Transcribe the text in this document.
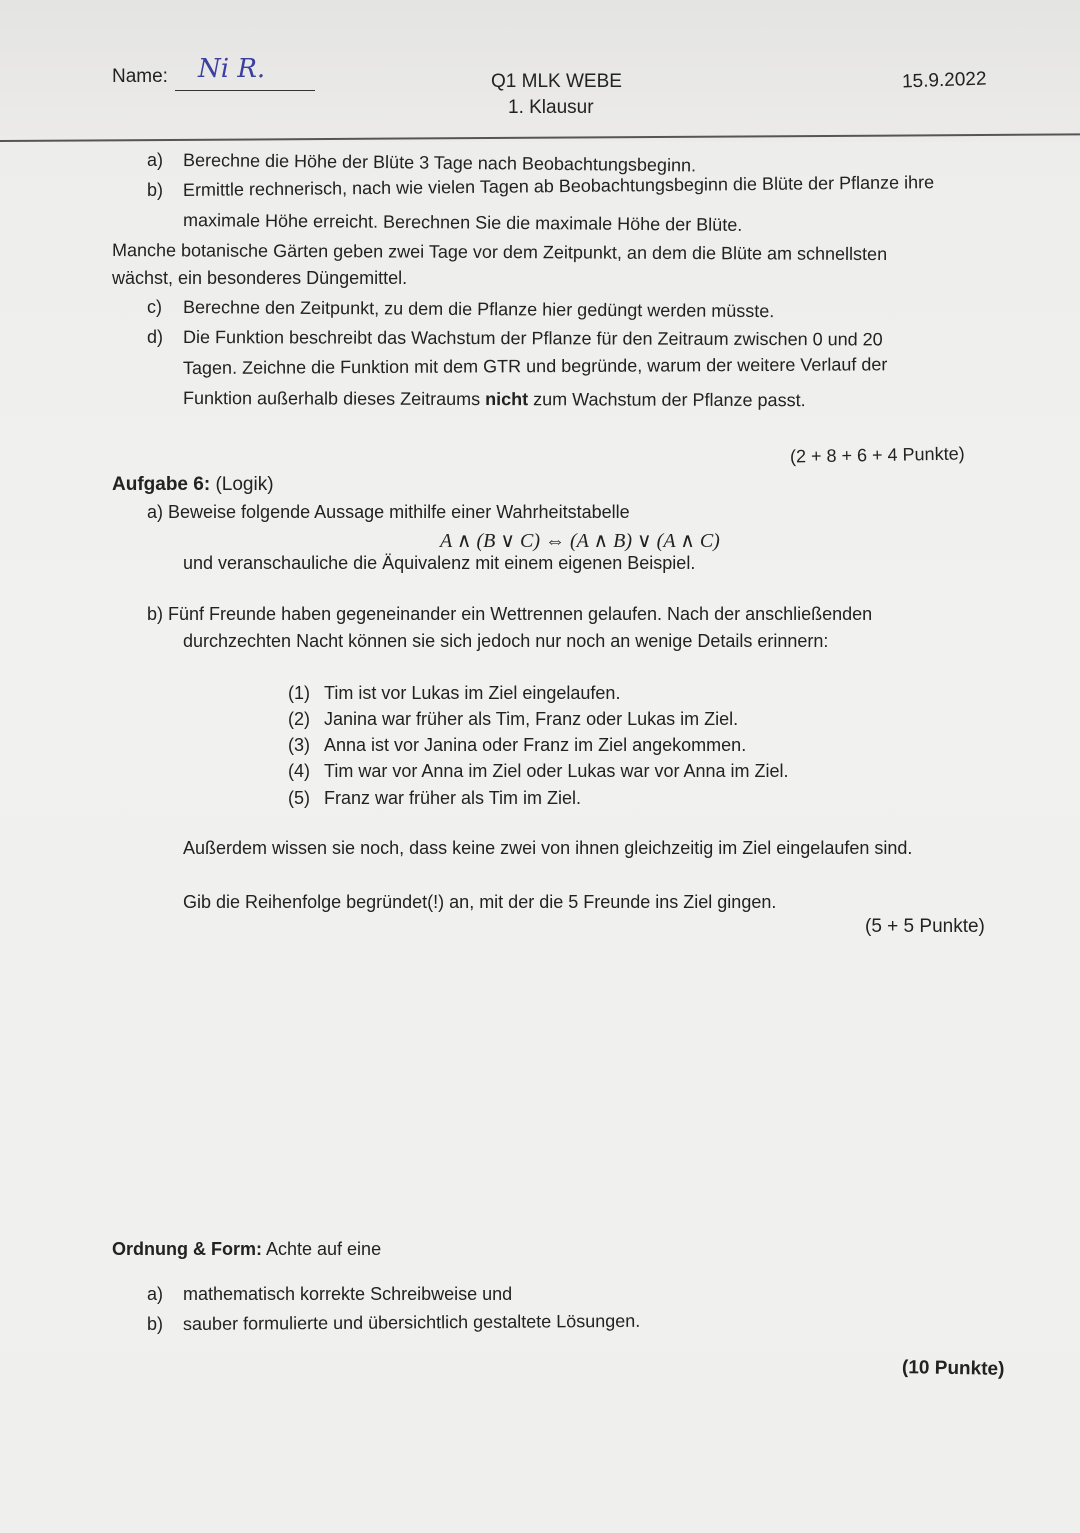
Name: Ni R.	Q1 MLK WEBE
1. Klausur
15.9.2022
a) Berechne die Höhe der Blüte 3 Tage nach Beobachtungsbeginn.
b) Ermittle rechnerisch, nach wie vielen Tagen ab Beobachtungsbeginn die Blüte der Pflanze ihre
maximale Höhe erreicht. Berechnen Sie die maximale Höhe der Blüte.
Manche botanische Gärten geben zwei Tage vor dem Zeitpunkt, an dem die Blüte am schnellsten
wächst, ein besonderes Düngemittel.
c) Berechne den Zeitpunkt, zu dem die Pflanze hier gedüngt werden müsste.
d) Die Funktion beschreibt das Wachstum der Pflanze für den Zeitraum zwischen 0 und 20
Tagen. Zeichne die Funktion mit dem GTR und begründe, warum der weitere Verlauf der
Funktion außerhalb dieses Zeitraums nicht zum Wachstum der Pflanze passt.
(2 + 8 + 6 + 4 Punkte)
Aufgabe 6: (Logik)
a) Beweise folgende Aussage mithilfe einer Wahrheitstabelle
A ∧ (B ∨ C) ⇔ (A ∧ B) ∨ (A ∧ C)
und veranschauliche die Äquivalenz mit einem eigenen Beispiel.
b) Fünf Freunde haben gegeneinander ein Wettrennen gelaufen. Nach der anschließenden
durchzechten Nacht können sie sich jedoch nur noch an wenige Details erinnern:
(1) Tim ist vor Lukas im Ziel eingelaufen.
(2) Janina war früher als Tim, Franz oder Lukas im Ziel.
(3) Anna ist vor Janina oder Franz im Ziel angekommen.
(4) Tim war vor Anna im Ziel oder Lukas war vor Anna im Ziel.
(5) Franz war früher als Tim im Ziel.
Außerdem wissen sie noch, dass keine zwei von ihnen gleichzeitig im Ziel eingelaufen sind.
Gib die Reihenfolge begründet(!) an, mit der die 5 Freunde ins Ziel gingen.
(5 + 5 Punkte)
Ordnung & Form: Achte auf eine
a) mathematisch korrekte Schreibweise und
b) sauber formulierte und übersichtlich gestaltete Lösungen.
(10 Punkte)
